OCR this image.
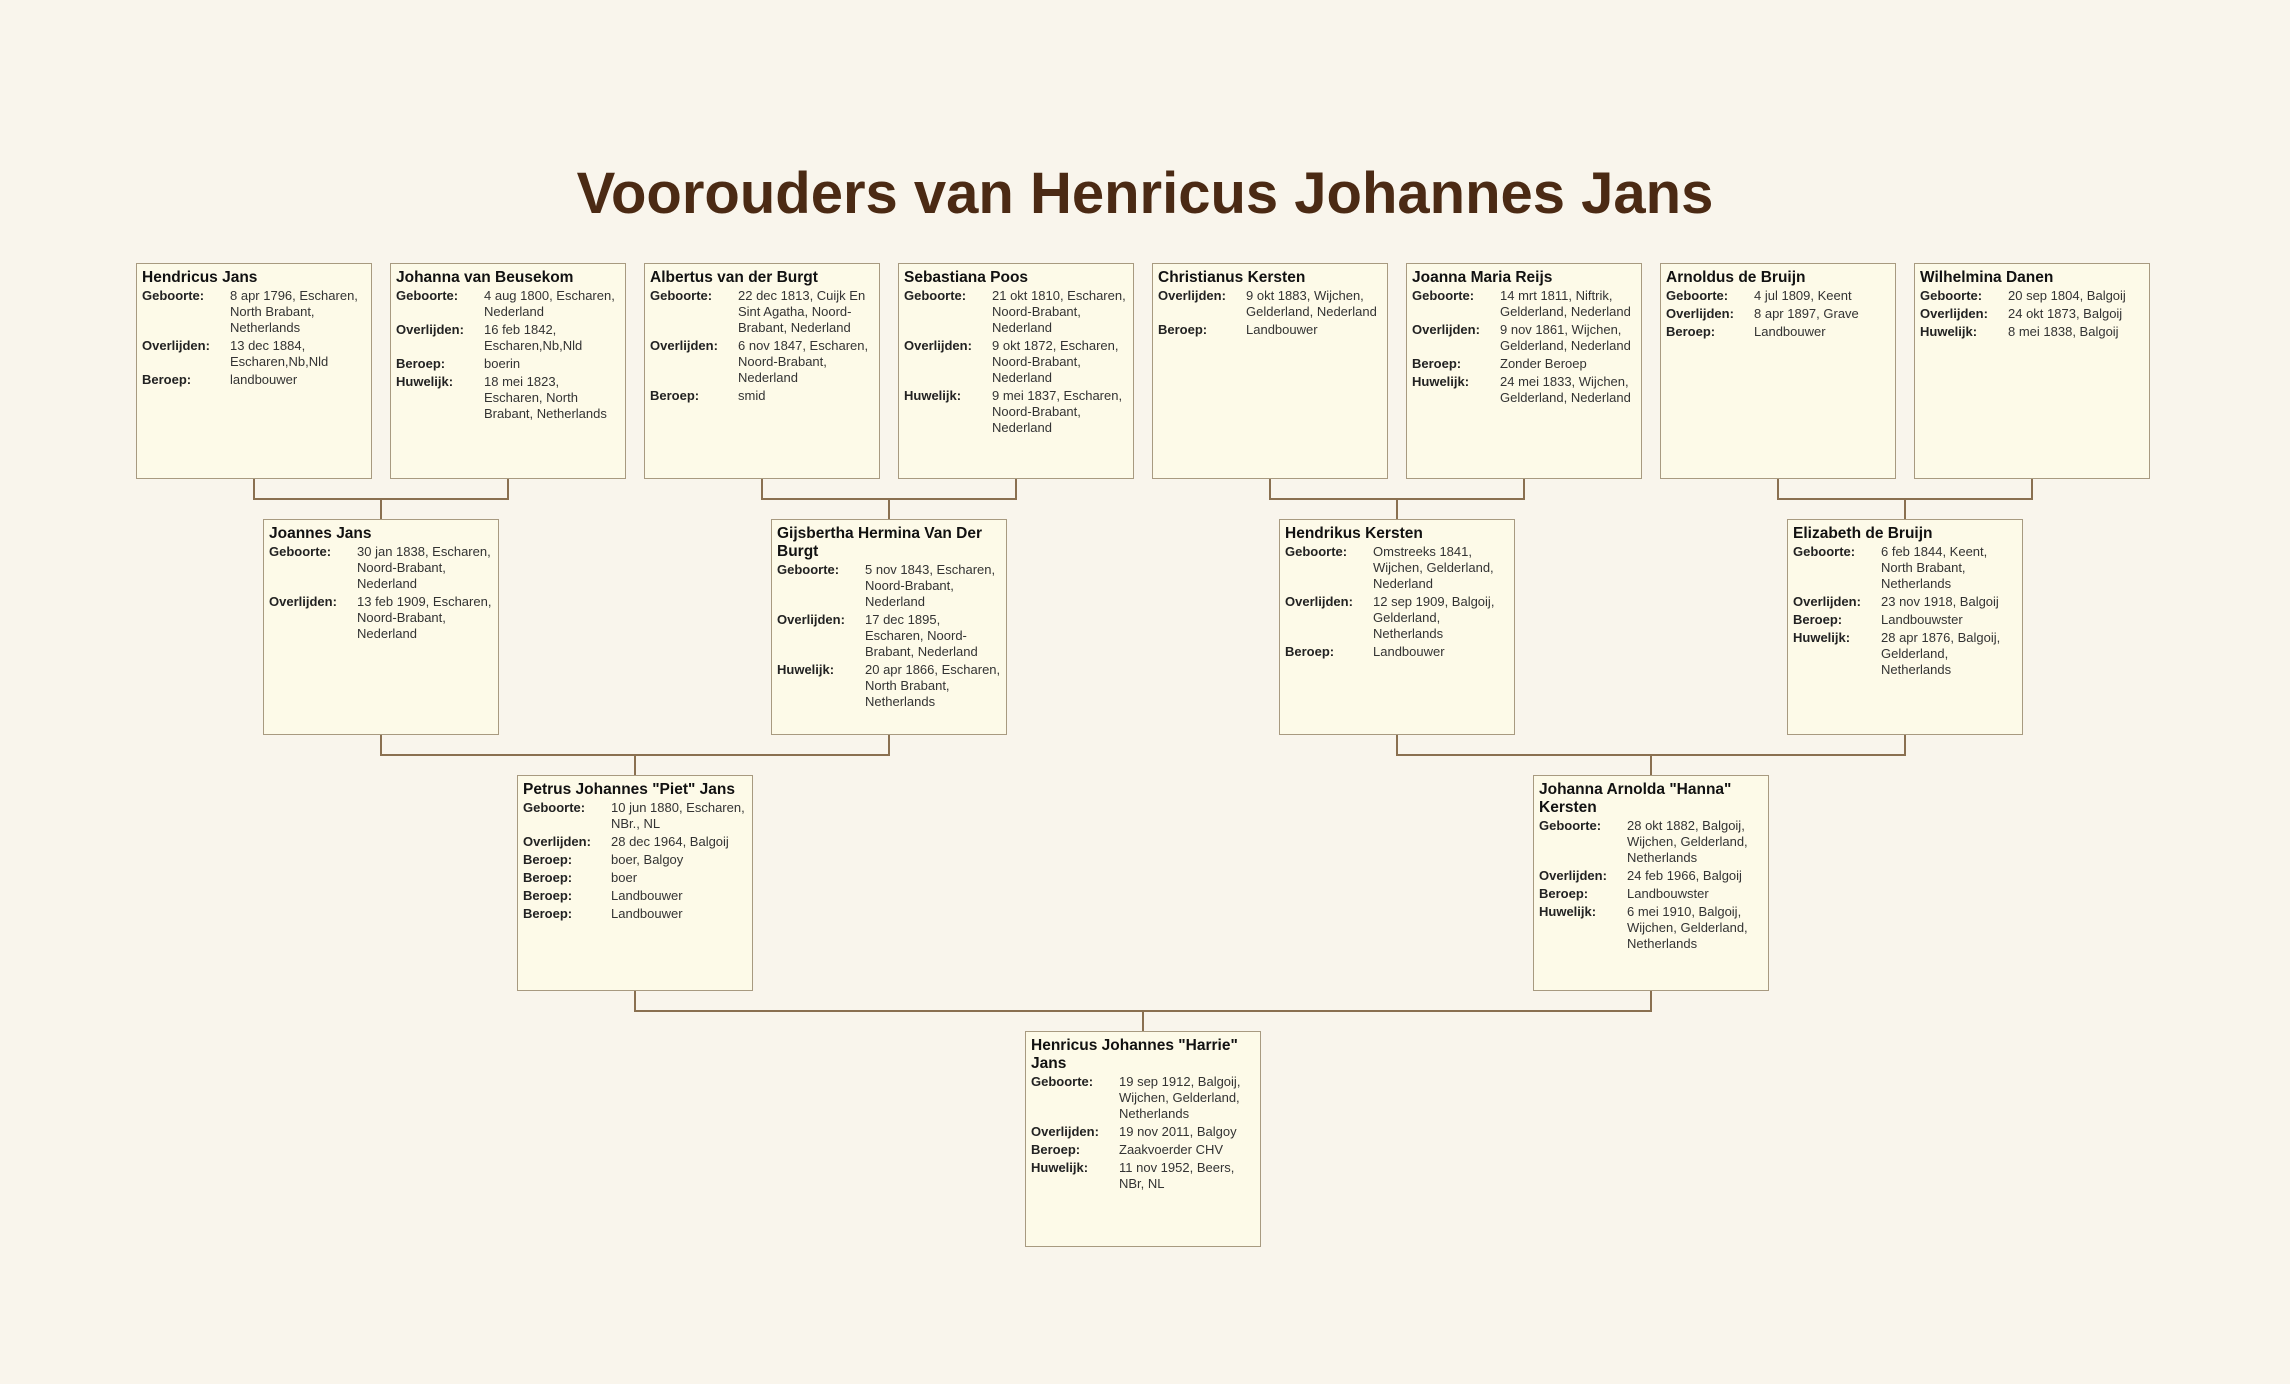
Voorouders van Henricus Johannes Jans
Hendricus Jans
Geboorte:	8 apr 1796, Escharen, North Brabant, Netherlands
Overlijden:	13 dec 1884, Escharen,Nb,Nld
Beroep:	landbouwer
Johanna van Beusekom
Geboorte:	4 aug 1800, Escharen, Nederland
Overlijden:	16 feb 1842, Escharen,Nb,Nld
Beroep:	boerin
Huwelijk:	18 mei 1823, Escharen, North Brabant, Netherlands
Albertus van der Burgt
Geboorte:	22 dec 1813, Cuijk En Sint Agatha, Noord-Brabant, Nederland
Overlijden:	6 nov 1847, Escharen, Noord-Brabant, Nederland
Beroep:	smid
Sebastiana Poos
Geboorte:	21 okt 1810, Escharen, Noord-Brabant, Nederland
Overlijden:	9 okt 1872, Escharen, Noord-Brabant, Nederland
Huwelijk:	9 mei 1837, Escharen, Noord-Brabant, Nederland
Christianus Kersten
Overlijden:	9 okt 1883, Wijchen, Gelderland, Nederland
Beroep:	Landbouwer
Joanna Maria Reijs
Geboorte:	14 mrt 1811, Niftrik, Gelderland, Nederland
Overlijden:	9 nov 1861, Wijchen, Gelderland, Nederland
Beroep:	Zonder Beroep
Huwelijk:	24 mei 1833, Wijchen, Gelderland, Nederland
Arnoldus de Bruijn
Geboorte:	4 jul 1809, Keent
Overlijden:	8 apr 1897, Grave
Beroep:	Landbouwer
Wilhelmina Danen
Geboorte:	20 sep 1804, Balgoij
Overlijden:	24 okt 1873, Balgoij
Huwelijk:	8 mei 1838, Balgoij
Joannes Jans
Geboorte:	30 jan 1838, Escharen, Noord-Brabant, Nederland
Overlijden:	13 feb 1909, Escharen, Noord-Brabant, Nederland
Gijsbertha Hermina Van Der Burgt
Geboorte:	5 nov 1843, Escharen, Noord-Brabant, Nederland
Overlijden:	17 dec 1895, Escharen, Noord-Brabant, Nederland
Huwelijk:	20 apr 1866, Escharen, North Brabant, Netherlands
Hendrikus Kersten
Geboorte:	Omstreeks 1841, Wijchen, Gelderland, Nederland
Overlijden:	12 sep 1909, Balgoij, Gelderland, Netherlands
Beroep:	Landbouwer
Elizabeth de Bruijn
Geboorte:	6 feb 1844, Keent, North Brabant, Netherlands
Overlijden:	23 nov 1918, Balgoij
Beroep:	Landbouwster
Huwelijk:	28 apr 1876, Balgoij, Gelderland, Netherlands
Petrus Johannes "Piet" Jans
Geboorte:	10 jun 1880, Escharen, NBr., NL
Overlijden:	28 dec 1964, Balgoij
Beroep:	boer, Balgoy
Beroep:	boer
Beroep:	Landbouwer
Beroep:	Landbouwer
Johanna Arnolda "Hanna" Kersten
Geboorte:	28 okt 1882, Balgoij, Wijchen, Gelderland, Netherlands
Overlijden:	24 feb 1966, Balgoij
Beroep:	Landbouwster
Huwelijk:	6 mei 1910, Balgoij, Wijchen, Gelderland, Netherlands
Henricus Johannes "Harrie" Jans
Geboorte:	19 sep 1912, Balgoij, Wijchen, Gelderland, Netherlands
Overlijden:	19 nov 2011, Balgoy
Beroep:	Zaakvoerder CHV
Huwelijk:	11 nov 1952, Beers, NBr, NL
